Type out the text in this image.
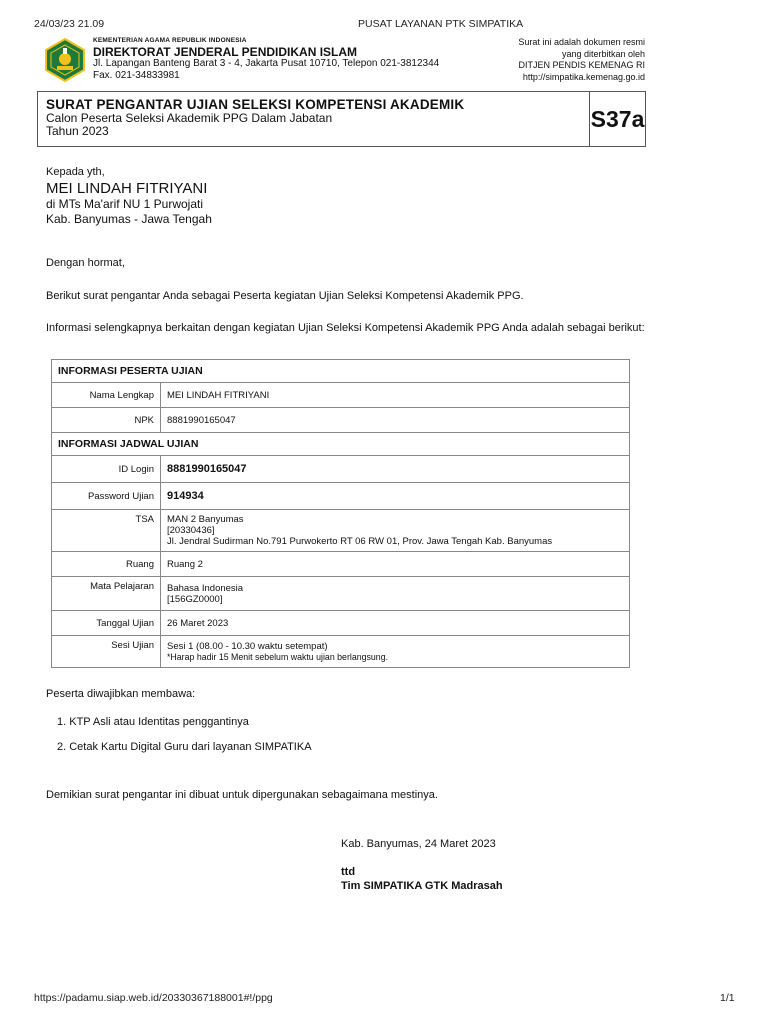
24/03/23 21.09	PUSAT LAYANAN PTK SIMPATIKA
KEMENTERIAN AGAMA REPUBLIK INDONESIA
DIREKTORAT JENDERAL PENDIDIKAN ISLAM
Jl. Lapangan Banteng Barat 3 - 4, Jakarta Pusat 10710, Telepon 021-3812344
Fax. 021-34833981
Surat ini adalah dokumen resmi
yang diterbitkan oleh
DITJEN PENDIS KEMENAG RI
http://simpatika.kemenag.go.id
SURAT PENGANTAR UJIAN SELEKSI KOMPETENSI AKADEMIK
Calon Peserta Seleksi Akademik PPG Dalam Jabatan
Tahun 2023	S37a
Kepada yth,
MEI LINDAH FITRIYANI
di MTs Ma'arif NU 1 Purwojati
Kab. Banyumas - Jawa Tengah
Dengan hormat,
Berikut surat pengantar Anda sebagai Peserta kegiatan Ujian Seleksi Kompetensi Akademik PPG.
Informasi selengkapnya berkaitan dengan kegiatan Ujian Seleksi Kompetensi Akademik PPG Anda adalah sebagai berikut:
INFORMASI PESERTA UJIAN	
Nama Lengkap	MEI LINDAH FITRIYANI
NPK	8881990165047
INFORMASI JADWAL UJIAN	
ID Login	8881990165047
Password Ujian	914934
TSA	MAN 2 Banyumas
[20330436]
Jl. Jendral Sudirman No.791 Purwokerto RT 06 RW 01, Prov. Jawa Tengah Kab. Banyumas

Ruang	Ruang 2
Mata Pelajaran	Bahasa Indonesia
[156GZ0000]

Tanggal Ujian	26 Maret 2023
Sesi Ujian	Sesi 1 (08.00 - 10.30 waktu setempat)
*Harap hadir 15 Menit sebelum waktu ujian berlangsung.
Peserta diwajibkan membawa:
1. KTP Asli atau Identitas penggantinya
2. Cetak Kartu Digital Guru dari layanan SIMPATIKA
Demikian surat pengantar ini dibuat untuk dipergunakan sebagaimana mestinya.
Kab. Banyumas, 24 Maret 2023
ttd
Tim SIMPATIKA GTK Madrasah
https://padamu.siap.web.id/20330367188001#!/ppg	1/1
